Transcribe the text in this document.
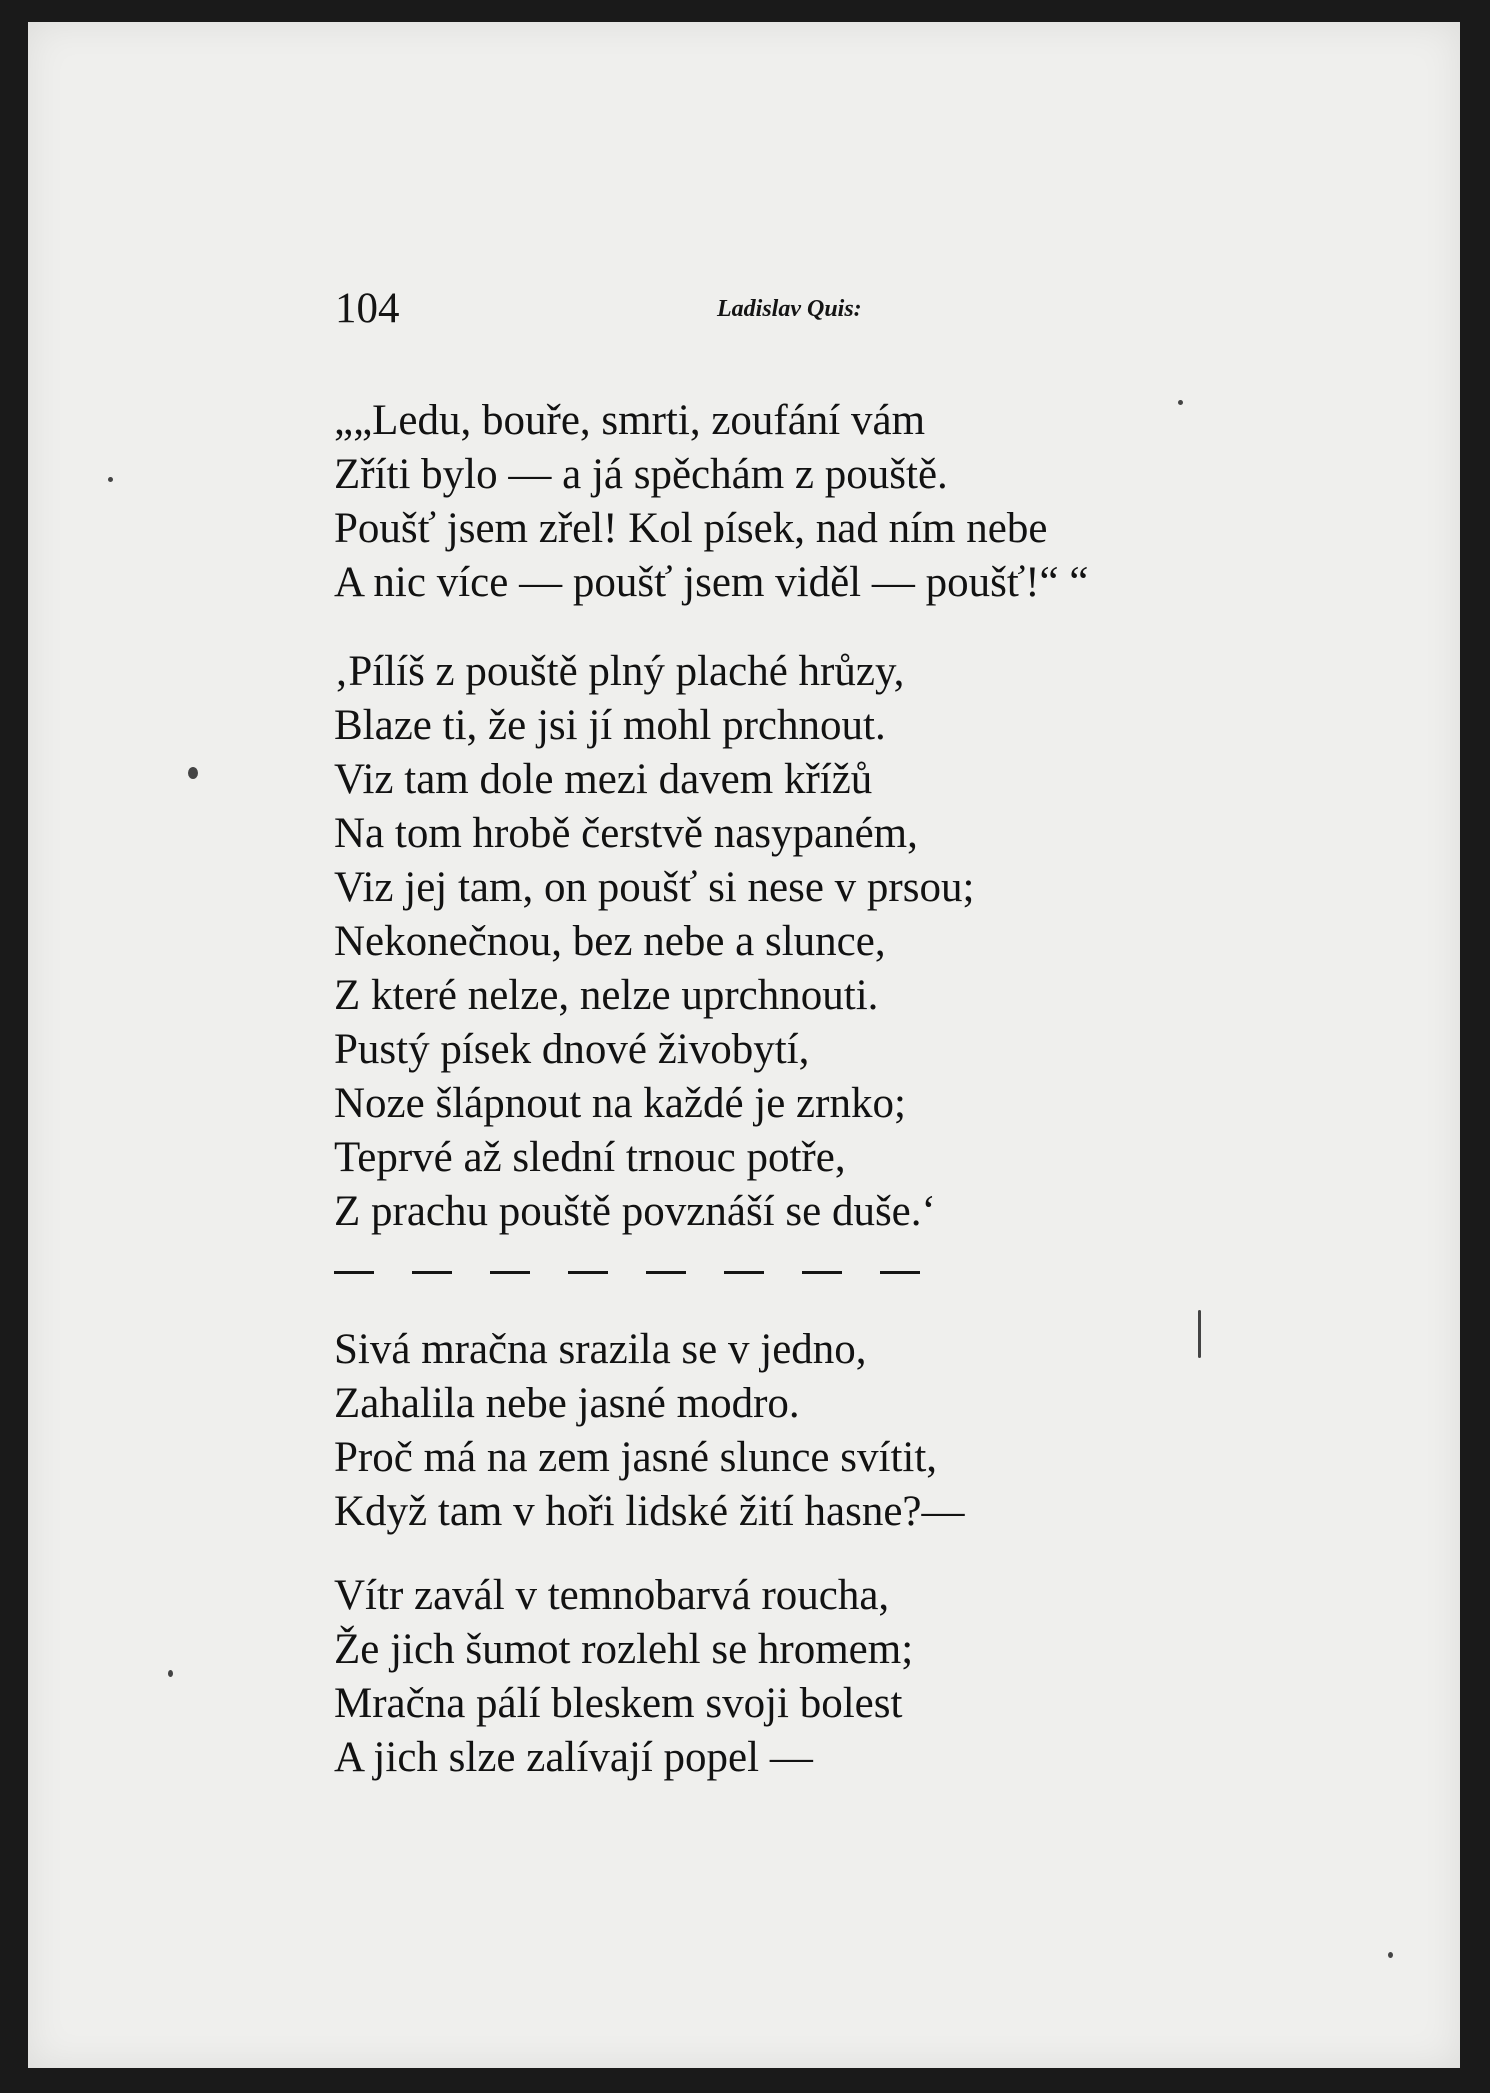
104	Ladislav Quis:
„„Ledu, bouře, smrti, zoufání vám
Zříti bylo — a já spěchám z pouště.
Poušť jsem zřel! Kol písek, nad ním nebe
A nic více — poušť jsem viděl — poušť!“ “
‚Pílíš z pouště plný plaché hrůzy,
Blaze ti, že jsi jí mohl prchnout.
Viz tam dole mezi davem křížů
Na tom hrobě čerstvě nasypaném,
Viz jej tam, on poušť si nese v prsou;
Nekonečnou, bez nebe a slunce,
Z které nelze, nelze uprchnouti.
Pustý písek dnové živobytí,
Noze šlápnout na každé je zrnko;
Teprvé až slední trnouc potře,
Z prachu pouště povznáší se duše.‘
Sivá mračna srazila se v jedno,
Zahalila nebe jasné modro.
Proč má na zem jasné slunce svítit,
Když tam v hoři lidské žití hasne?—
Vítr zavál v temnobarvá roucha,
Že jich šumot rozlehl se hromem;
Mračna pálí bleskem svoji bolest
A jich slze zalívají popel —
